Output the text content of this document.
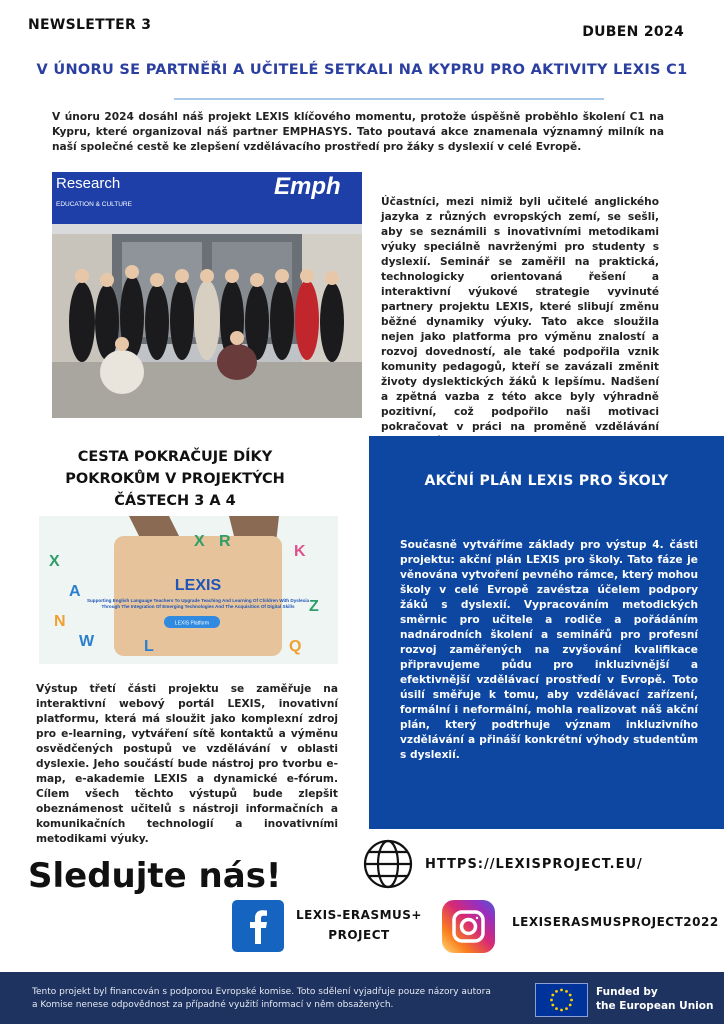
NEWSLETTER 3	DUBEN 2024
V ÚNORU SE PARTNĚŘI A UČITELÉ SETKALI NA KYPRU PRO AKTIVITY LEXIS C1

V únoru 2024 dosáhl náš projekt LEXIS klíčového momentu, protože úspěšně proběhlo školení C1 na Kypru, které organizoval náš partner EMPHASYS. Tato poutavá akce znamenala významný milník na naší společné cestě ke zlepšení vzdělávacího prostředí pro žáky s dyslexií v celé Evropě.

Research
EDUCATION & CULTURE
Emph

Účastníci, mezi nimiž byli učitelé anglického jazyka z různých evropských zemí, se sešli, aby se seznámili s inovativními metodikami výuky speciálně navrženými pro studenty s dyslexií. Seminář se zaměřil na praktická, technologicky orientovaná řešení a interaktivní výukové strategie vyvinuté partnery projektu LEXIS, které slibují změnu běžné dynamiky výuky. Tato akce sloužila nejen jako platforma pro výměnu znalostí a rozvoj dovedností, ale také podpořila vznik komunity pedagogů, kteří se zavázali změnit životy dyslektických žáků k lepšímu. Nadšení a zpětná vazba z této akce byly výhradně pozitivní, což podpořilo naši motivaci pokračovat v práci na proměně vzdělávání

CESTA POKRAČUJE DÍKY
POKROKŮM V PROJEKTÝCH
ČÁSTECH 3 A 4
X
A
W
K
Z
Q
X R
L
N
LEXIS
Supporting English Language Teachers To Upgrade Teaching And Learning Of Children With Dyslexia
Through The Integration Of Emerging Technologies And The Acquisition Of Digital Skills
LEXIS Platform

Výstup třetí části projektu se zaměřuje na interaktivní webový portál LEXIS, inovativní platformu, která má sloužit jako komplexní zdroj pro e-learning, vytváření sítě kontaktů a výměnu osvědčených postupů ve vzdělávání v oblasti dyslexie. Jeho součástí bude nástroj pro tvorbu e-map, e-akademie LEXIS a dynamické e-fórum. Cílem všech těchto výstupů bude zlepšit obeznámenost učitelů s nástroji informačních a komunikačních technologií a inovativními metodikami výuky.

AKČNÍ PLÁN LEXIS PRO ŠKOLY

Současně vytváříme základy pro výstup 4. části projektu: akční plán LEXIS pro školy. Tato fáze je věnována vytvoření pevného rámce, který mohou školy v celé Evropě zavéstza účelem podpory žáků s dyslexií. Vypracováním metodických směrnic pro učitele a rodiče a pořádáním nadnárodních školení a seminářů pro profesní rozvoj zaměřených na zvyšování kvalifikace připravujeme půdu pro inkluzivnější a efektivnější vzdělávací prostředí v Evropě. Toto úsilí směřuje k tomu, aby vzdělávací zařízení, formální i neformální, mohla realizovat náš akční plán, který podtrhuje význam inkluzivního vzdělávání a přináší konkrétní výhody studentům s dyslexií.

Sledujte nás!	HTTPS://LEXISPROJECT.EU/
LEXIS-ERASMUS+
PROJECT
LEXISERASMUSPROJECT2022

Tento projekt byl financován s podporou Evropské komise. Toto sdělení vyjadřuje pouze názory autora a Komise nenese odpovědnost za případné využití informací v něm obsažených.

Funded by
the European Union
